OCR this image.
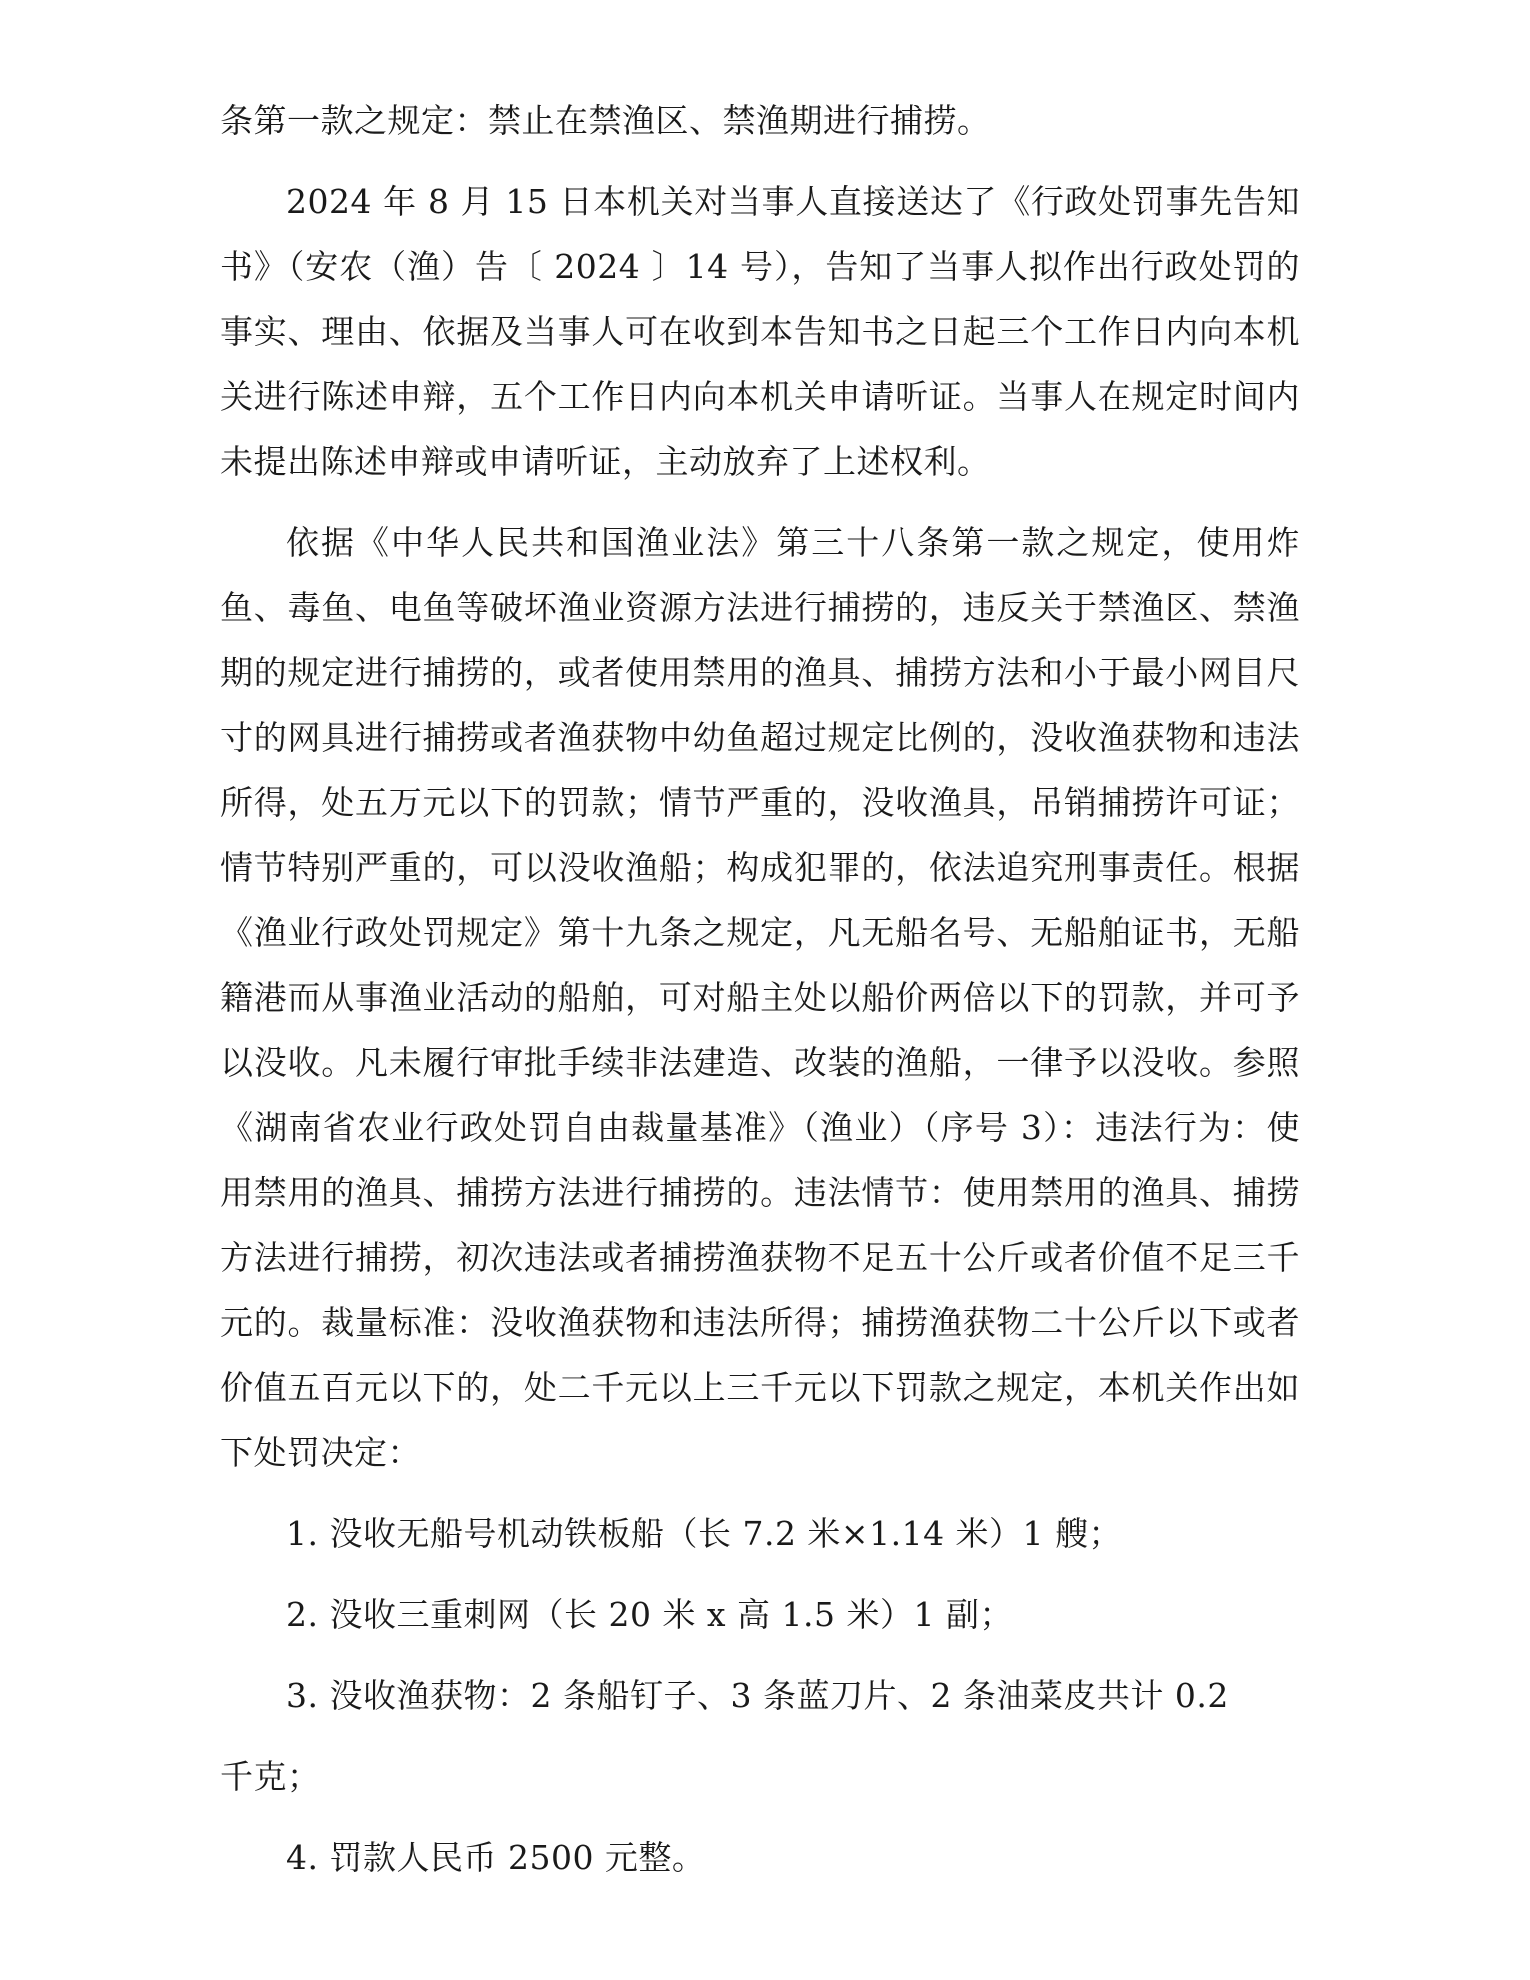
条第一款之规定：禁止在禁渔区、禁渔期进行捕捞。

2024 年 8 月 15 日本机关对当事人直接送达了《行政处罚事先告知书》（安农（渔）告〔 2024 〕14 号），告知了当事人拟作出行政处罚的事实、理由、依据及当事人可在收到本告知书之日起三个工作日内向本机关进行陈述申辩，五个工作日内向本机关申请听证。当事人在规定时间内未提出陈述申辩或申请听证，主动放弃了上述权利。

依据《中华人民共和国渔业法》第三十八条第一款之规定，使用炸鱼、毒鱼、电鱼等破坏渔业资源方法进行捕捞的，违反关于禁渔区、禁渔期的规定进行捕捞的，或者使用禁用的渔具、捕捞方法和小于最小网目尺寸的网具进行捕捞或者渔获物中幼鱼超过规定比例的，没收渔获物和违法所得，处五万元以下的罚款；情节严重的，没收渔具，吊销捕捞许可证；情节特别严重的，可以没收渔船；构成犯罪的，依法追究刑事责任。根据《渔业行政处罚规定》第十九条之规定，凡无船名号、无船舶证书，无船籍港而从事渔业活动的船舶，可对船主处以船价两倍以下的罚款，并可予以没收。凡未履行审批手续非法建造、改装的渔船，一律予以没收。参照《湖南省农业行政处罚自由裁量基准》（渔业）（序号 3）：违法行为：使用禁用的渔具、捕捞方法进行捕捞的。违法情节：使用禁用的渔具、捕捞方法进行捕捞，初次违法或者捕捞渔获物不足五十公斤或者价值不足三千元的。裁量标准：没收渔获物和违法所得；捕捞渔获物二十公斤以下或者价值五百元以下的，处二千元以上三千元以下罚款之规定，本机关作出如下处罚决定：

1. 没收无船号机动铁板船（长 7.2 米×1.14 米）1 艘；

2. 没收三重刺网（长 20 米 x 高 1.5 米）1 副；

3. 没收渔获物：2 条船钉子、3 条蓝刀片、2 条油菜皮共计 0.2

千克；

4. 罚款人民币 2500 元整。
